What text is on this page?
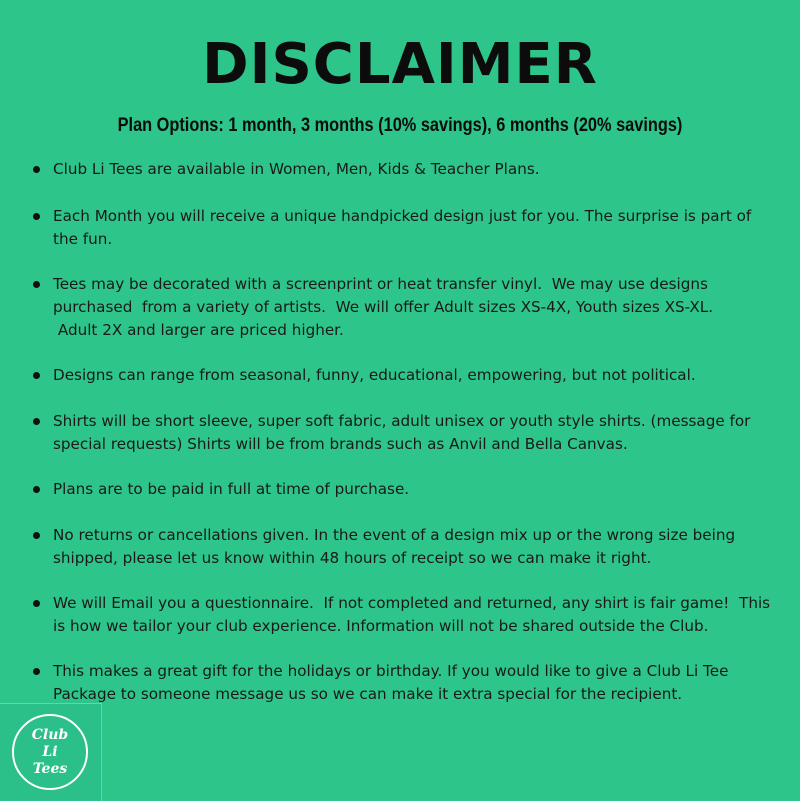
DISCLAIMER
Plan Options: 1 month, 3 months (10% savings), 6 months (20% savings)
Club Li Tees are available in Women, Men, Kids & Teacher Plans.
Each Month you will receive a unique handpicked design just for you. The surprise is part of
the fun.
Tees may be decorated with a screenprint or heat transfer vinyl.  We may use designs
purchased  from a variety of artists.  We will offer Adult sizes XS-4X, Youth sizes XS-XL.
Adult 2X and larger are priced higher.
Designs can range from seasonal, funny, educational, empowering, but not political.
Shirts will be short sleeve, super soft fabric, adult unisex or youth style shirts. (message for
special requests) Shirts will be from brands such as Anvil and Bella Canvas.
Plans are to be paid in full at time of purchase.
No returns or cancellations given. In the event of a design mix up or the wrong size being
shipped, please let us know within 48 hours of receipt so we can make it right.
We will Email you a questionnaire.  If not completed and returned, any shirt is fair game!  This
is how we tailor your club experience. Information will not be shared outside the Club.
This makes a great gift for the holidays or birthday. If you would like to give a Club Li Tee
Package to someone message us so we can make it extra special for the recipient.
Club
Li
Tees
